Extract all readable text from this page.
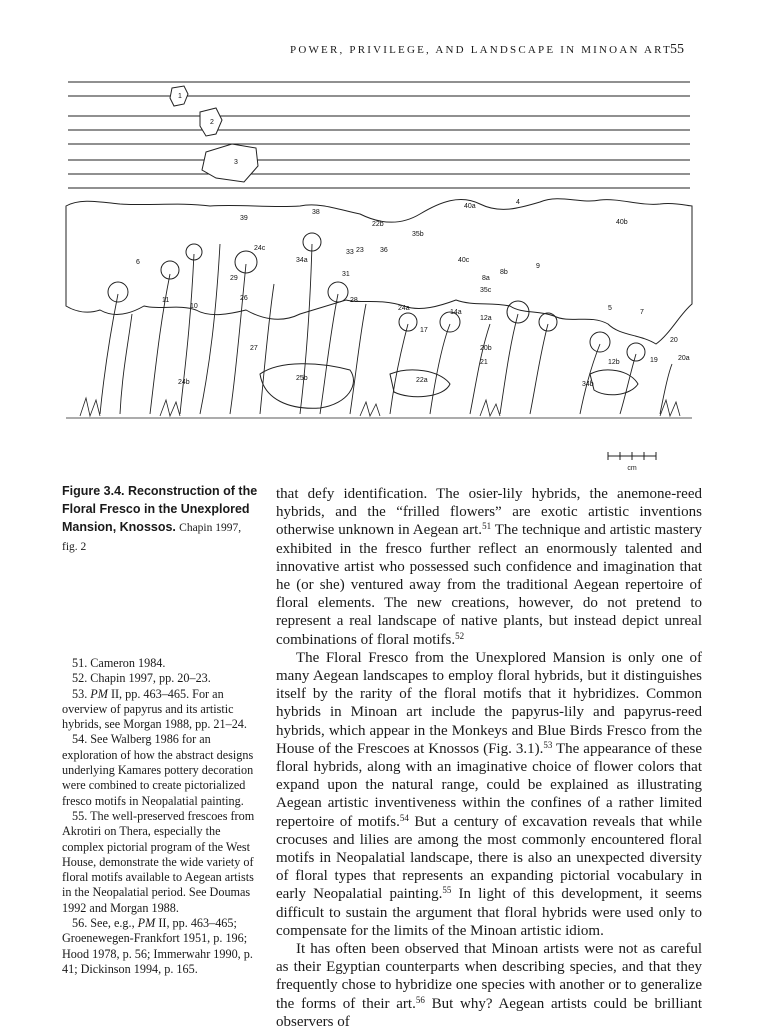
POWER, PRIVILEGE, AND LANDSCAPE IN MINOAN ART
55
cm
1
2
3
38
39
40a
40b
40c
4
5
6
7
8a
8b
9
10
11
12a
12b
14a
17
19
20
20a
20b
21
22a
22b
23
24a
24b
24c
25b
26
27
28
29
31
33
34a
34b
35b
35c
36
Figure 3.4. Reconstruction of the Floral Fresco in the Unexplored Mansion, Knossos. Chapin 1997, fig. 2

51. Cameron 1984.

52. Chapin 1997, pp. 20–23.

53. PM II, pp. 463–465. For an overview of papyrus and its artistic hybrids, see Morgan 1988, pp. 21–24.

54. See Walberg 1986 for an exploration of how the abstract designs underlying Kamares pottery decoration were combined to create pictorialized fresco motifs in Neopalatial painting.

55. The well-preserved frescoes from Akrotiri on Thera, especially the complex pictorial program of the West House, demonstrate the wide variety of floral motifs available to Aegean artists in the Neopalatial period. See Doumas 1992 and Morgan 1988.

56. See, e.g., PM II, pp. 463–465; Groenewegen-Frankfort 1951, p. 196; Hood 1978, p. 56; Immerwahr 1990, p. 41; Dickinson 1994, p. 165.

that defy identification. The osier-lily hybrids, the anemone-reed hybrids, and the “frilled flowers” are exotic artistic inventions otherwise unknown in Aegean art.$^{51}$ The technique and artistic mastery exhibited in the fresco further reflect an enormously talented and innovative artist who possessed such confidence and imagination that he (or she) ventured away from the traditional Aegean repertoire of floral elements. The new creations, however, do not pretend to represent a real landscape of native plants, but instead depict unreal combinations of floral motifs.$^{52}$

The Floral Fresco from the Unexplored Mansion is only one of many Aegean landscapes to employ floral hybrids, but it distinguishes itself by the rarity of the floral motifs that it hybridizes. Common hybrids in Minoan art include the papyrus-lily and papyrus-reed hybrids, which appear in the Monkeys and Blue Birds Fresco from the House of the Frescoes at Knossos (Fig. 3.1).$^{53}$ The appearance of these floral hybrids, along with an imaginative choice of flower colors that expand upon the natural range, could be explained as illustrating Aegean artistic inventiveness within the confines of a rather limited repertoire of motifs.$^{54}$ But a century of excavation reveals that while crocuses and lilies are among the most commonly encountered floral motifs in Neopalatial landscape, there is also an unexpected diversity of floral types that represents an expanding pictorial vocabulary in early Neopalatial painting.$^{55}$ In light of this development, it seems difficult to sustain the argument that floral hybrids were used only to compensate for the limits of the Minoan artistic idiom.

It has often been observed that Minoan artists were not as careful as their Egyptian counterparts when describing species, and that they frequently chose to hybridize one species with another or to generalize the forms of their art.$^{56}$ But why? Aegean artists could be brilliant observers of
